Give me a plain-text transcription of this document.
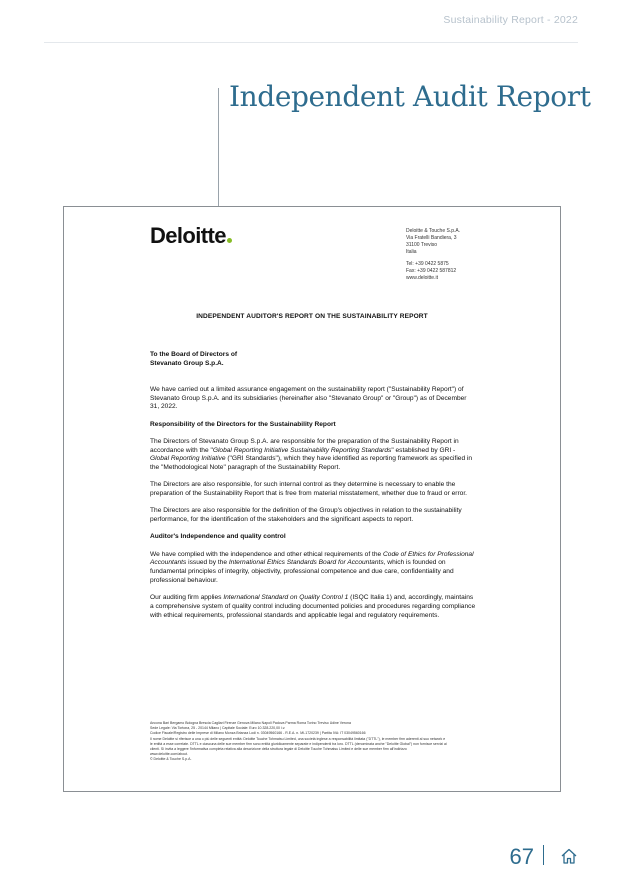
Sustainability Report - 2022
Independent Audit Report
Deloitte	Deloitte & Touche S.p.A.
Via Fratelli Bandiera, 3
31100 Treviso
Italia
Tel: +39 0422 5875
Fax: +39 0422 587812
www.deloitte.it
INDEPENDENT AUDITOR'S REPORT ON THE SUSTAINABILITY REPORT
To the Board of Directors of
Stevanato Group S.p.A.

We have carried out a limited assurance engagement on the sustainability report ("Sustainability Report") of Stevanato Group S.p.A. and its subsidiaries (hereinafter also "Stevanato Group" or "Group") as of December 31, 2022.

Responsibility of the Directors for the Sustainability Report

The Directors of Stevanato Group S.p.A. are responsible for the preparation of the Sustainability Report in accordance with the "Global Reporting Initiative Sustainability Reporting Standards" established by GRI - Global Reporting Initiative ("GRI Standards"), which they have identified as reporting framework as specified in the "Methodological Note" paragraph of the Sustainability Report.

The Directors are also responsible, for such internal control as they determine is necessary to enable the preparation of the Sustainability Report that is free from material misstatement, whether due to fraud or error.

The Directors are also responsible for the definition of the Group's objectives in relation to the sustainability performance, for the identification of the stakeholders and the significant aspects to report.

Auditor's Independence and quality control

We have complied with the independence and other ethical requirements of the Code of Ethics for Professional Accountants issued by the International Ethics Standards Board for Accountants, which is founded on fundamental principles of integrity, objectivity, professional competence and due care, confidentiality and professional behaviour.

Our auditing firm applies International Standard on Quality Control 1 (ISQC Italia 1) and, accordingly, maintains a comprehensive system of quality control including documented policies and procedures regarding compliance with ethical requirements, professional standards and applicable legal and regulatory requirements.

Ancona Bari Bergamo Bologna Brescia Cagliari Firenze Genova Milano Napoli Padova Parma Roma Torino Treviso Udine Verona
Sede Legale: Via Tortona, 25 - 20144 Milano | Capitale Sociale: Euro 10.328.220,00 i.v.
Codice Fiscale/Registro delle Imprese di Milano Monza Brianza Lodi n. 03049560166 - R.E.A. n. MI-1720239 | Partita IVA: IT 03049560166
Il nome Deloitte si riferisce a una o più delle seguenti entità: Deloitte Touche Tohmatsu Limited, una società inglese a responsabilità limitata ("DTTL"), le member firm aderenti al suo network e
le entità a esse correlate. DTTL e ciascuna delle sue member firm sono entità giuridicamente separate e indipendenti tra loro. DTTL (denominata anche "Deloitte Global") non fornisce servizi ai
clienti. Si invita a leggere l'informativa completa relativa alla descrizione della struttura legale di Deloitte Touche Tohmatsu Limited e delle sue member firm all'indirizzo
www.deloitte.com/about.
© Deloitte & Touche S.p.A.
67
